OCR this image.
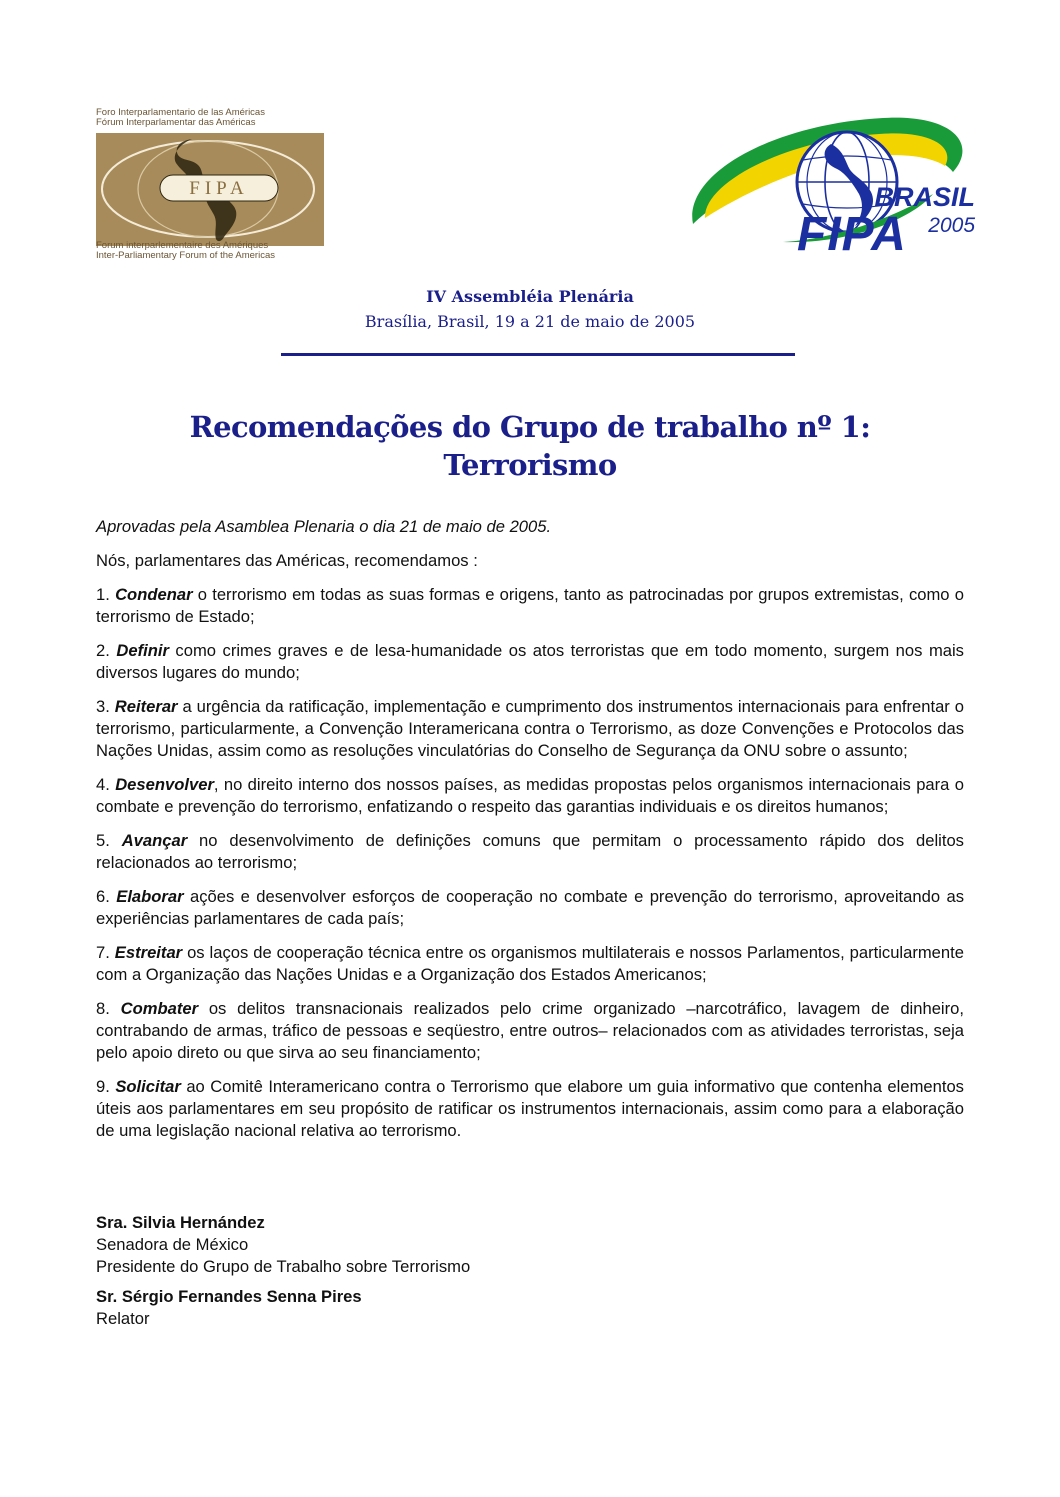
Foro Interparlamentario de las Américas
Fórum Interparlamentar das Américas
FIPA
Forum interparlementaire des Amériques
Inter-Parliamentary Forum of the Americas
BRASIL
FIPA 2005
IV Assembléia Plenária
Brasília, Brasil, 19 a 21 de maio de 2005
Recomendações do Grupo de trabalho nº 1:
Terrorismo

Aprovadas pela Asamblea Plenaria o dia 21 de maio de 2005.

Nós, parlamentares das Américas, recomendamos :

1. Condenar o terrorismo em todas as suas formas e origens, tanto as patrocinadas por grupos extremistas, como o terrorismo de Estado;

2. Definir como crimes graves e de lesa-humanidade os atos terroristas que em todo momento, surgem nos mais diversos lugares do mundo;

3. Reiterar a urgência da ratificação, implementação e cumprimento dos instrumentos internacionais para enfrentar o terrorismo, particularmente, a Convenção Interamericana contra o Terrorismo, as doze Convenções e Protocolos das Nações Unidas, assim como as resoluções vinculatórias do Conselho de Segurança da ONU sobre o assunto;

4. Desenvolver, no direito interno dos nossos países, as medidas propostas pelos organismos internacionais para o combate e prevenção do terrorismo, enfatizando o respeito das garantias individuais e os direitos humanos;

5. Avançar no desenvolvimento de definições comuns que permitam o processamento rápido dos delitos relacionados ao terrorismo;

6. Elaborar ações e desenvolver esforços de cooperação no combate e prevenção do terrorismo, aproveitando as experiências parlamentares de cada país;

7. Estreitar os laços de cooperação técnica entre os organismos multilaterais e nossos Parlamentos, particularmente com a Organização das Nações Unidas e a Organização dos Estados Americanos;

8. Combater os delitos transnacionais realizados pelo crime organizado –narcotráfico, lavagem de dinheiro, contrabando de armas, tráfico de pessoas e seqüestro, entre outros– relacionados com as atividades terroristas, seja pelo apoio direto ou que sirva ao seu financiamento;

9. Solicitar ao Comitê Interamericano contra o Terrorismo que elabore um guia informativo que contenha elementos úteis aos parlamentares em seu propósito de ratificar os instrumentos internacionais, assim como para a elaboração de uma legislação nacional relativa ao terrorismo.

Sra. Silvia Hernández
Senadora de México
Presidente do Grupo de Trabalho sobre Terrorismo
Sr. Sérgio Fernandes Senna Pires
Relator
